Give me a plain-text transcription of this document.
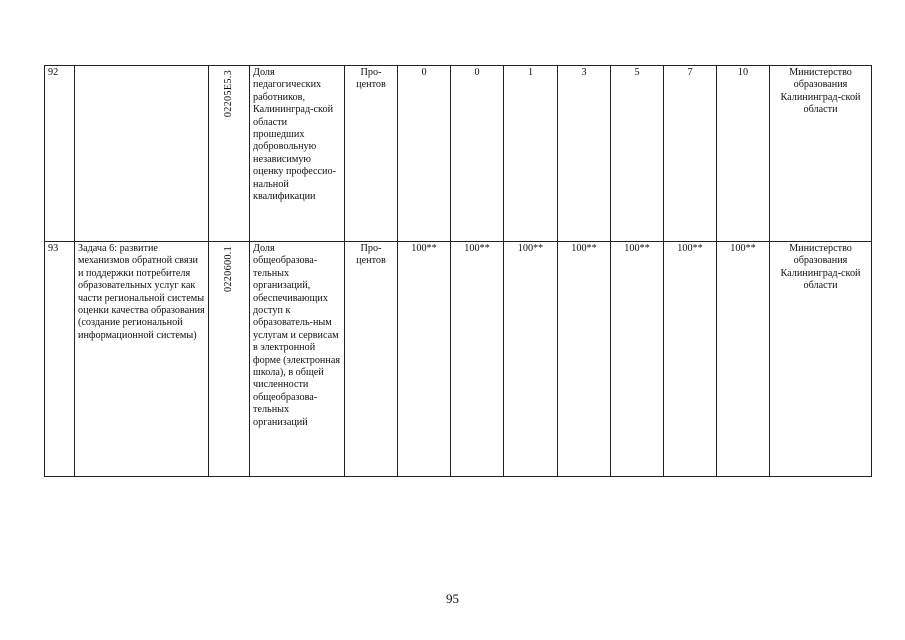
92		02205E5.3	Доля педагогических работников, Калининград-ской области прошедших добровольную независимую оценку профессио-нальной квалификации	Про-центов	0	0	1	3	5	7	10	Министерство образования Калининград-ской области
93	Задача 6: развитие механизмов обратной связи и поддержки потребителя образовательных услуг как части региональной системы оценки качества образования (создание региональной информационной системы)	0220600.1	Доля общеобразова-тельных организаций, обеспечивающих доступ к образователь-ным услугам и сервисам в электронной форме (электронная школа), в общей численности общеобразова-тельных организаций	Про-центов	100**	100**	100**	100**	100**	100**	100**	Министерство образования Калининград-ской области
95
